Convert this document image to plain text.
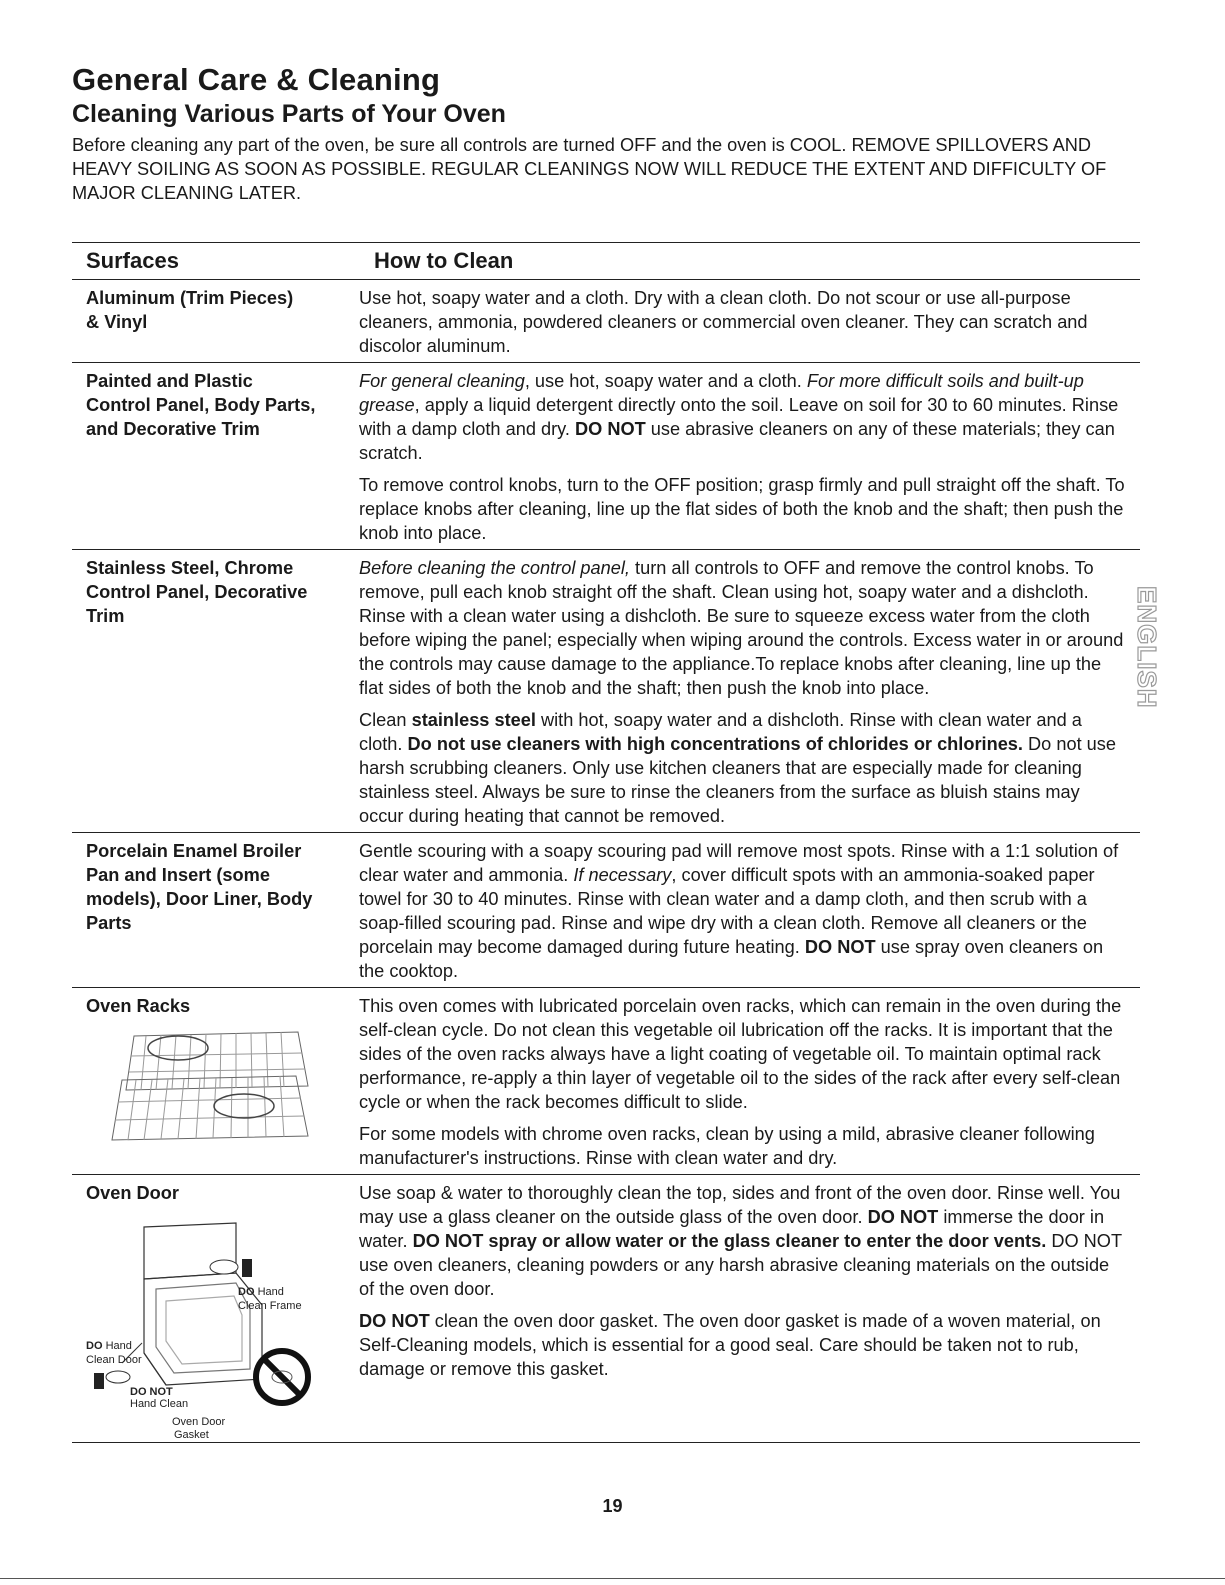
General Care & Cleaning
Cleaning Various Parts of Your Oven

Before cleaning any part of the oven, be sure all controls are turned OFF and the oven is COOL. REMOVE SPILLOVERS AND HEAVY SOILING AS SOON AS POSSIBLE. REGULAR CLEANINGS NOW WILL REDUCE THE EXTENT AND DIFFICULTY OF MAJOR CLEANING LATER.

Surfaces	How to Clean
Aluminum (Trim Pieces)
& Vinyl

Use hot, soapy water and a cloth. Dry with a clean cloth. Do not scour or use all-purpose cleaners, ammonia, powdered cleaners or commercial oven cleaner. They can scratch and discolor aluminum.

Painted and Plastic
Control Panel, Body Parts,
and Decorative Trim

For general cleaning, use hot, soapy water and a cloth. For more difficult soils and built-up grease, apply a liquid detergent directly onto the soil. Leave on soil for 30 to 60 minutes. Rinse with a damp cloth and dry. DO NOT use abrasive cleaners on any of these materials; they can scratch.

To remove control knobs, turn to the OFF position; grasp firmly and pull straight off the shaft. To replace knobs after cleaning, line up the flat sides of both the knob and the shaft; then push the knob into place.

Stainless Steel, Chrome
Control Panel, Decorative
Trim

Before cleaning the control panel, turn all controls to OFF and remove the control knobs. To remove, pull each knob straight off the shaft. Clean using hot, soapy water and a dishcloth. Rinse with a clean water using a dishcloth. Be sure to squeeze excess water from the cloth before wiping the panel; especially when wiping around the controls. Excess water in or around the controls may cause damage to the appliance.To replace knobs after cleaning, line up the flat sides of both the knob and the shaft; then push the knob into place.

Clean stainless steel with hot, soapy water and a dishcloth. Rinse with clean water and a cloth. Do not use cleaners with high concentrations of chlorides or chlorines. Do not use harsh scrubbing cleaners. Only use kitchen cleaners that are especially made for cleaning stainless steel. Always be sure to rinse the cleaners from the surface as bluish stains may occur during heating that cannot be removed.

Porcelain Enamel Broiler
Pan and Insert (some
models), Door Liner, Body
Parts

Gentle scouring with a soapy scouring pad will remove most spots. Rinse with a 1:1 solution of clear water and ammonia. If necessary, cover difficult spots with an ammonia-soaked paper towel for 30 to 40 minutes. Rinse with clean water and a damp cloth, and then scrub with a soap-filled scouring pad. Rinse and wipe dry with a clean cloth. Remove all cleaners or the porcelain may become damaged during future heating. DO NOT use spray oven cleaners on the cooktop.

Oven Racks	This oven comes with lubricated porcelain oven racks, which can remain in the oven during the self-clean cycle. Do not clean this vegetable oil lubrication off the racks. It is important that the sides of the oven racks always have a light coating of vegetable oil. To maintain optimal rack performance, re-apply a thin layer of vegetable oil to the sides of the rack after every self-clean cycle or when the rack becomes difficult to slide.

For some models with chrome oven racks, clean by using a mild, abrasive cleaner following manufacturer's instructions. Rinse with clean water and dry.

Oven Door
DO Hand
Clean Frame
DO Hand
Clean Door
DO NOT
Hand Clean
Oven Door
Gasket

Use soap & water to thoroughly clean the top, sides and front of the oven door. Rinse well. You may use a glass cleaner on the outside glass of the oven door. DO NOT immerse the door in water. DO NOT spray or allow water or the glass cleaner to enter the door vents. DO NOT use oven cleaners, cleaning powders or any harsh abrasive cleaning materials on the outside of the oven door.

DO NOT clean the oven door gasket. The oven door gasket is made of a woven material, on Self-Cleaning models, which is essential for a good seal. Care should be taken not to rub, damage or remove this gasket.

ENGLISH
19
